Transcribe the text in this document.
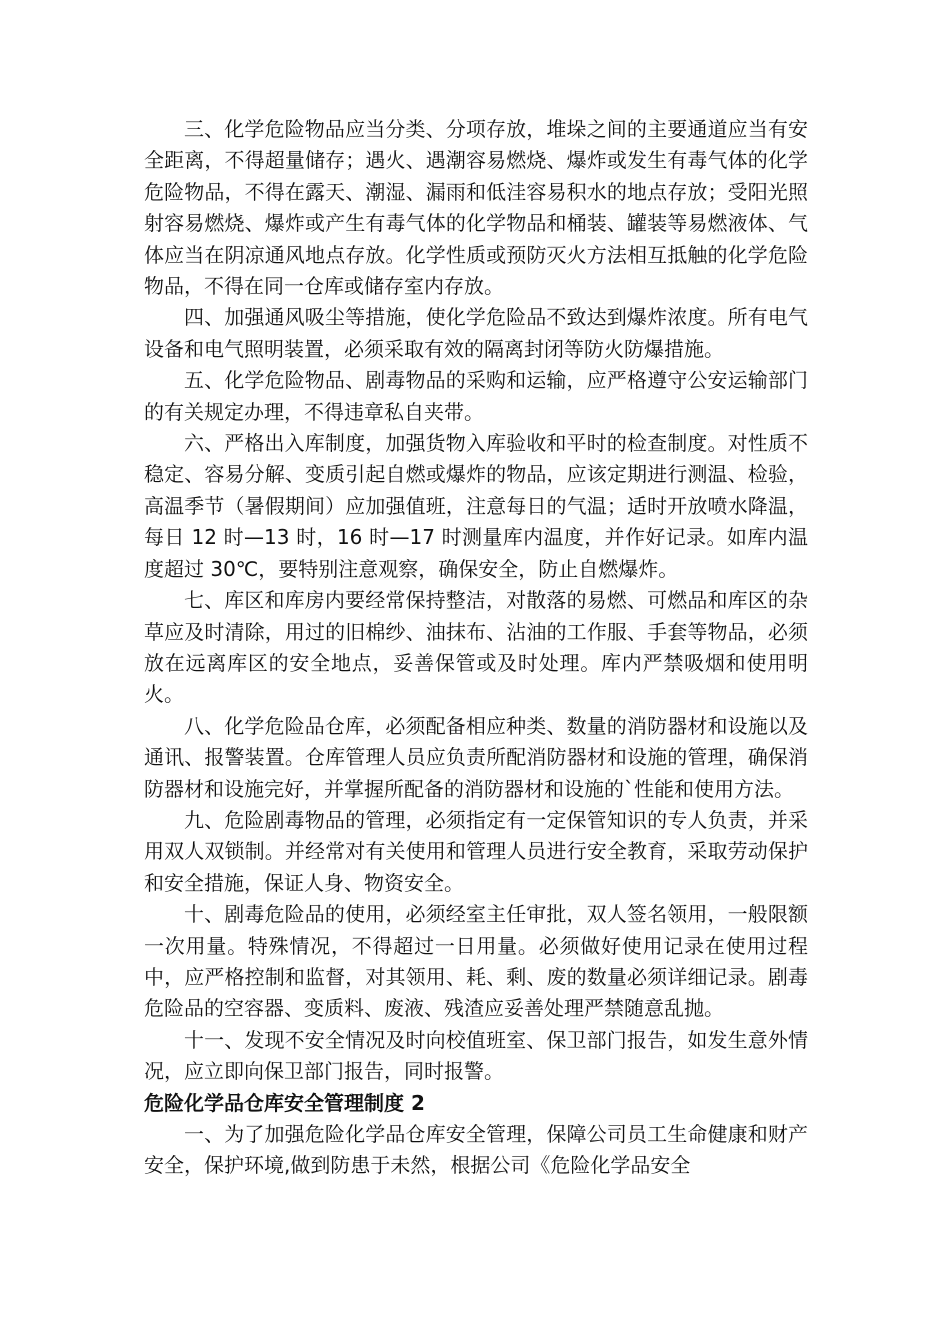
三、化学危险物品应当分类、分项存放，堆垛之间的主要通道应当有安全距离，不得超量储存；遇火、遇潮容易燃烧、爆炸或发生有毒气体的化学危险物品，不得在露天、潮湿、漏雨和低洼容易积水的地点存放；受阳光照射容易燃烧、爆炸或产生有毒气体的化学物品和桶装、罐装等易燃液体、气体应当在阴凉通风地点存放。化学性质或预防灭火方法相互抵触的化学危险物品，不得在同一仓库或储存室内存放。

四、加强通风吸尘等措施，使化学危险品不致达到爆炸浓度。所有电气设备和电气照明装置，必须采取有效的隔离封闭等防火防爆措施。

五、化学危险物品、剧毒物品的采购和运输，应严格遵守公安运输部门的有关规定办理，不得违章私自夹带。

六、严格出入库制度，加强货物入库验收和平时的检查制度。对性质不稳定、容易分解、变质引起自燃或爆炸的物品，应该定期进行测温、检验，高温季节（暑假期间）应加强值班，注意每日的气温；适时开放喷水降温，每日 12 时—13 时，16 时—17 时测量库内温度，并作好记录。如库内温度超过 30℃，要特别注意观察，确保安全，防止自燃爆炸。

七、库区和库房内要经常保持整洁，对散落的易燃、可燃品和库区的杂草应及时清除，用过的旧棉纱、油抹布、沾油的工作服、手套等物品，必须放在远离库区的安全地点，妥善保管或及时处理。库内严禁吸烟和使用明火。

八、化学危险品仓库，必须配备相应种类、数量的消防器材和设施以及通讯、报警装置。仓库管理人员应负责所配消防器材和设施的管理，确保消防器材和设施完好，并掌握所配备的消防器材和设施的`性能和使用方法。

九、危险剧毒物品的管理，必须指定有一定保管知识的专人负责，并采用双人双锁制。并经常对有关使用和管理人员进行安全教育，采取劳动保护和安全措施，保证人身、物资安全。

十、剧毒危险品的使用，必须经室主任审批，双人签名领用，一般限额一次用量。特殊情况，不得超过一日用量。必须做好使用记录在使用过程中，应严格控制和监督，对其领用、耗、剩、废的数量必须详细记录。剧毒危险品的空容器、变质料、废液、残渣应妥善处理严禁随意乱抛。

十一、发现不安全情况及时向校值班室、保卫部门报告，如发生意外情况，应立即向保卫部门报告，同时报警。

危险化学品仓库安全管理制度 2

一、为了加强危险化学品仓库安全管理，保障公司员工生命健康和财产安全，保护环境,做到防患于未然，根据公司《危险化学品安全
